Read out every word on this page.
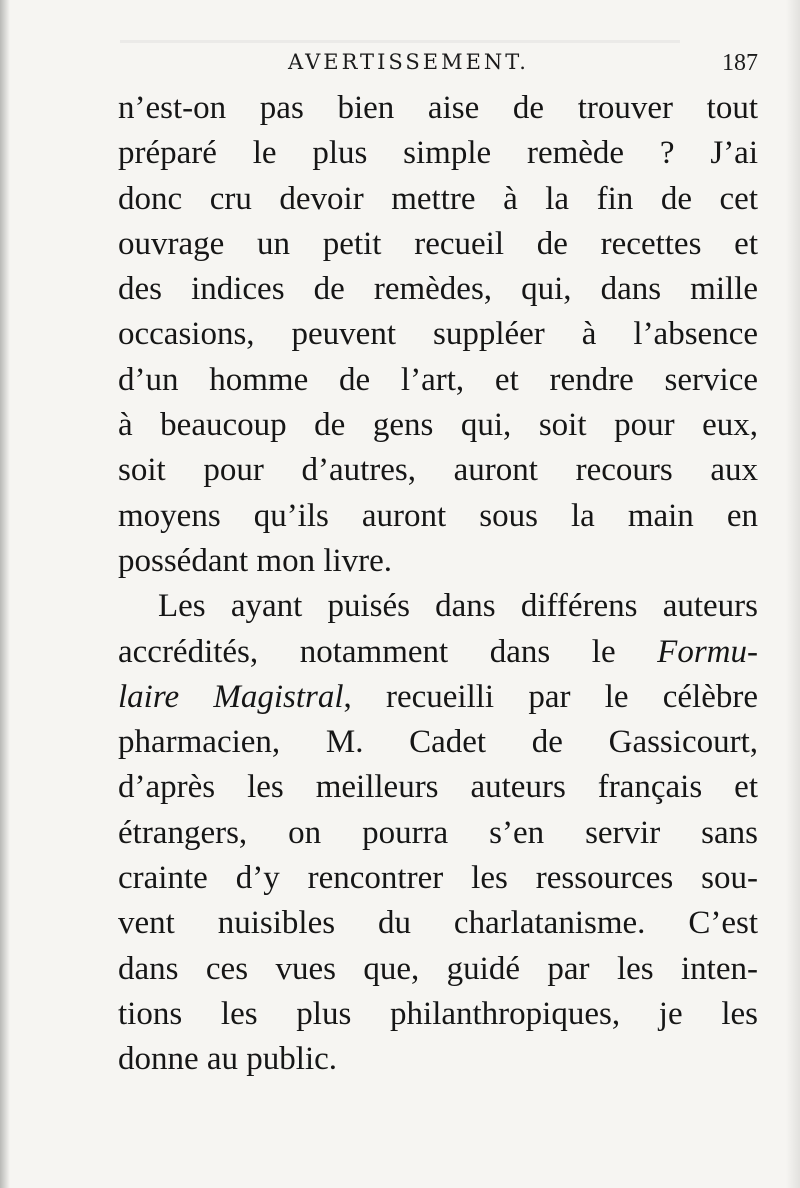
AVERTISSEMENT.	187
n’est-on pas bien aise de trouver tout
préparé le plus simple remède ? J’ai
donc cru devoir mettre à la fin de cet
ouvrage un petit recueil de recettes et
des indices de remèdes, qui, dans mille
occasions, peuvent suppléer à l’absence
d’un homme de l’art, et rendre service
à beaucoup de gens qui, soit pour eux,
soit pour d’autres, auront recours aux
moyens qu’ils auront sous la main en
possédant mon livre.
Les ayant puisés dans différens auteurs
accrédités, notamment dans le Formu-
laire Magistral, recueilli par le célèbre
pharmacien, M. Cadet de Gassicourt,
d’après les meilleurs auteurs français et
étrangers, on pourra s’en servir sans
crainte d’y rencontrer les ressources sou-
vent nuisibles du charlatanisme. C’est
dans ces vues que, guidé par les inten-
tions les plus philanthropiques, je les
donne au public.
